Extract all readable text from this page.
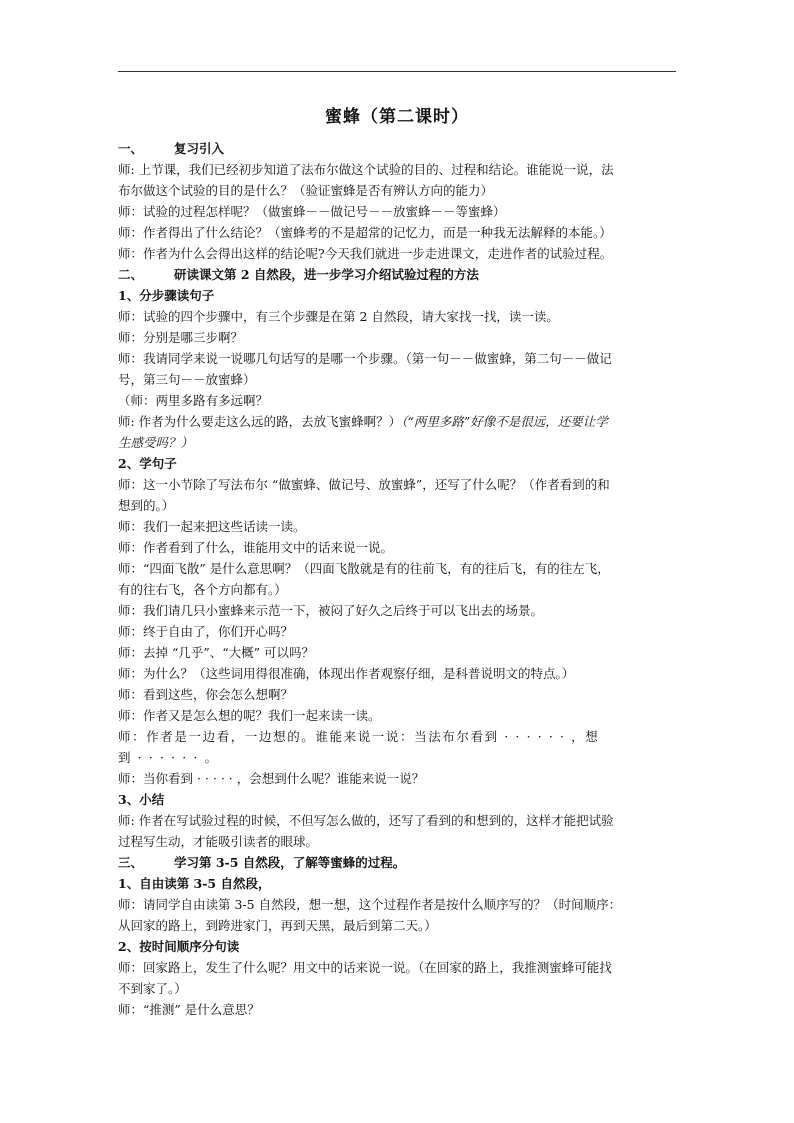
蜜蜂（第二课时）

一、 复习引入

师: 上节课，我们已经初步知道了法布尔做这个试验的目的、过程和结论。谁能说一说，法

布尔做这个试验的目的是什么？（验证蜜蜂是否有辨认方向的能力）

师：试验的过程怎样呢？（做蜜蜂－－做记号－－放蜜蜂－－等蜜蜂）

师：作者得出了什么结论？（蜜蜂考的不是超常的记忆力，而是一种我无法解释的本能。）

师：作者为什么会得出这样的结论呢?今天我们就进一步走进课文，走进作者的试验过程。

二、 研读课文第 2 自然段，进一步学习介绍试验过程的方法

1、分步骤读句子

师：试验的四个步骤中，有三个步骤是在第 2 自然段，请大家找一找，读一读。

师：分别是哪三步啊？

师：我请同学来说一说哪几句话写的是哪一个步骤。（第一句－－做蜜蜂，第二句－－做记

号，第三句－－放蜜蜂）

（师：两里多路有多远啊？

师: 作者为什么要走这么远的路，去放飞蜜蜂啊？）（“两里多路”好像不是很远，还要让学

生感受吗？）

2、学句子

师：这一小节除了写法布尔 “做蜜蜂、做记号、放蜜蜂”，还写了什么呢？（作者看到的和

想到的。）

师：我们一起来把这些话读一读。

师：作者看到了什么，谁能用文中的话来说一说。

师：“四面飞散” 是什么意思啊？（四面飞散就是有的往前飞，有的往后飞，有的往左飞，

有的往右飞，各个方向都有。）

师：我们请几只小蜜蜂来示范一下，被闷了好久之后终于可以飞出去的场景。

师：终于自由了，你们开心吗？

师：去掉 “几乎”、“大概” 可以吗？

师：为什么？（这些词用得很准确，体现出作者观察仔细，是科普说明文的特点。）

师：看到这些，你会怎么想啊？

师：作者又是怎么想的呢？我们一起来读一读。

师：作者是一边看，一边想的。谁能来说一说：当法布尔看到 · · · · · · ，想

到 · · · · · · 。

师：当你看到 · · · · · ，会想到什么呢？谁能来说一说？

3、小结

师: 作者在写试验过程的时候，不但写怎么做的，还写了看到的和想到的，这样才能把试验

过程写生动，才能吸引读者的眼球。

三、 学习第 3-5 自然段，了解等蜜蜂的过程。

1、自由读第 3-5 自然段，

师：请同学自由读第 3-5 自然段，想一想，这个过程作者是按什么顺序写的？（时间顺序：

从回家的路上，到跨进家门，再到天黑，最后到第二天。）

2、按时间顺序分句读

师：回家路上，发生了什么呢？用文中的话来说一说。（在回家的路上，我推测蜜蜂可能找

不到家了。）

师：“推测” 是什么意思？
